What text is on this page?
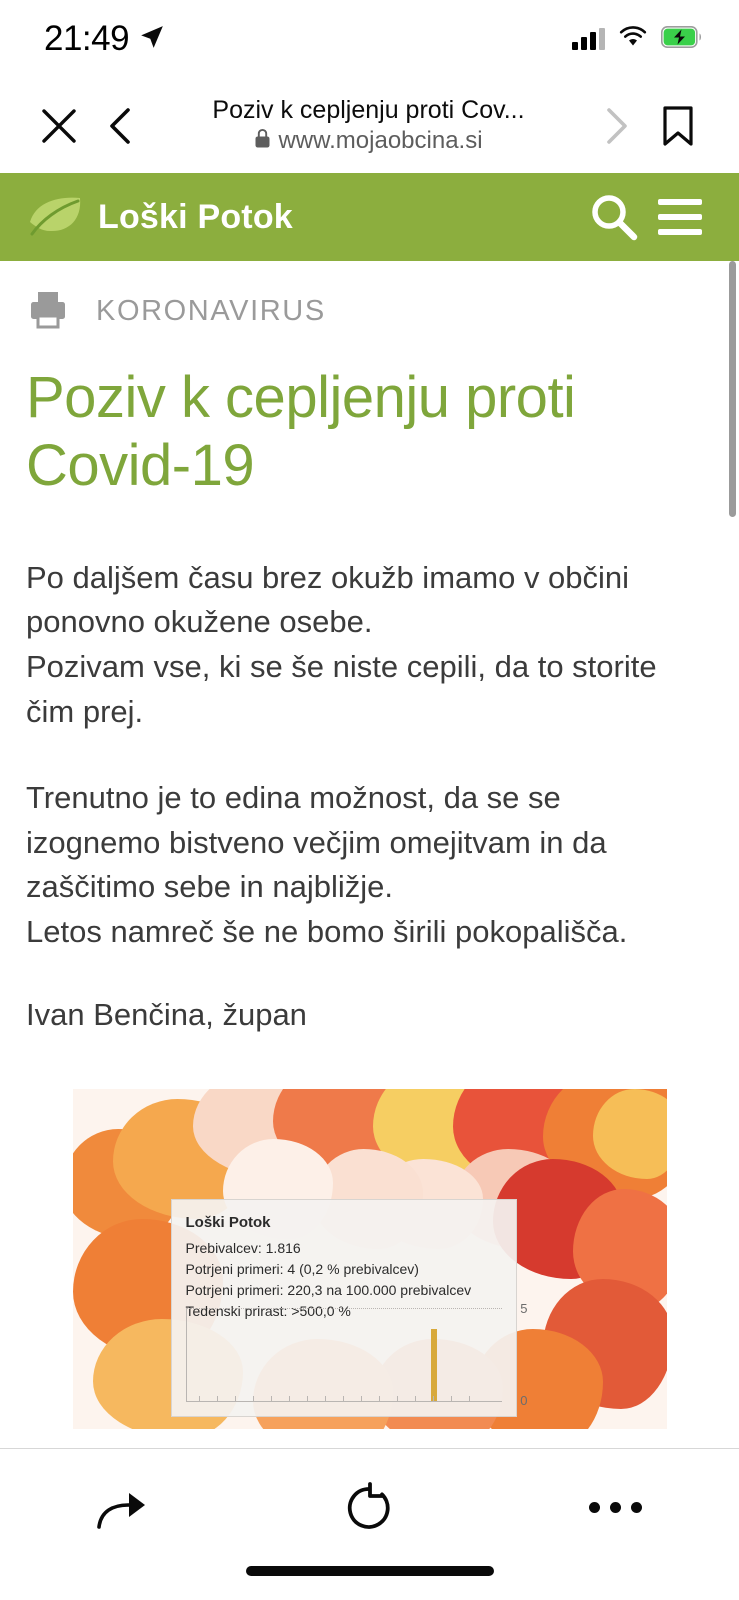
21:49
Poziv k cepljenju proti Cov...
www.mojaobcina.si
Loški Potok
KORONAVIRUS
Poziv k cepljenju proti Covid-19

Po daljšem času brez okužb imamo v občini

ponovno okužene osebe.

Pozivam vse, ki se še niste cepili, da to storite

čim prej.

Trenutno je to edina možnost, da se se

izognemo bistveno večjim omejitvam in da

zaščitimo sebe in najbližje.

Letos namreč še ne bomo širili pokopališča.

Ivan Benčina, župan

Loški Potok
Prebivalcev: 1.816
Potrjeni primeri: 4 (0,2 % prebivalcev)
Potrjeni primeri: 220,3 na 100.000 prebivalcev
Tedenski prirast: >500,0 %	5
0
